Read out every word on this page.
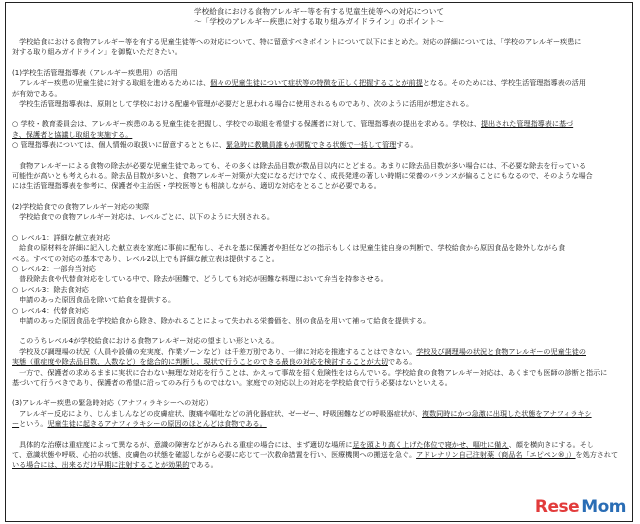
学校給食における食物アレルギー等を有する児童生徒等への対応について
～「学校のアレルギー疾患に対する取り組みガイドライン」のポイント～

　学校給食における食物アレルギー等を有する児童生徒等への対応について、特に留意すべきポイントについて以下にまとめた。対応の詳細については、「学校のアレルギー疾患に
対する取り組みガイドライン」を御覧いただきたい。

(1)学校生活管理指導表（アレルギー疾患用）の活用

　アレルギー疾患の児童生徒に対する取組を進めるためには、個々の児童生徒について症状等の特徴を正しく把握することが前提となる。そのためには、学校生活管理指導表の活用
が有効である。
　学校生活管理指導表は、原則として学校における配慮や管理が必要だと思われる場合に使用されるものであり、次のように活用が想定される。

○ 学校・教育委員会は、アレルギー疾患のある児童生徒を把握し、学校での取組を希望する保護者に対して、管理指導表の提出を求める。学校は、提出された管理指導表に基づ
き、保護者と協議し取組を実施する。
○ 管理指導表については、個人情報の取扱いに留意するとともに、緊急時に教職員誰もが閲覧できる状態で一括して管理する。

　食物アレルギーによる食物の除去が必要な児童生徒であっても、その多くは除去品目数が数品目以内にとどまる。あまりに除去品目数が多い場合には、不必要な除去を行っている
可能性が高いとも考えられる。除去品目数が多いと、食物アレルギー対策が大変になるだけでなく、成長発達の著しい時期に栄養のバランスが偏ることにもなるので、そのような場合
には生活管理指導表を参考に、保護者や主治医・学校医等とも相談しながら、適切な対応をとることが必要である。

(2)学校給食での食物アレルギー対応の実際

　学校給食での食物アレルギー対応は、レベルごとに、以下のように大別される。

○ レベル1：詳細な献立表対応
　給食の原材料を詳細に記入した献立表を家庭に事前に配布し、それを基に保護者や担任などの指示もしくは児童生徒自身の判断で、学校給食から原因食品を除外しながら食
べる。すべての対応の基本であり、レベル2以上でも詳細な献立表は提供すること。
○ レベル2：一部弁当対応
　普段除去食や代替食対応をしている中で、除去が困難で、どうしても対応が困難な料理において弁当を持参させる。
○ レベル3：除去食対応
　申請のあった原因食品を除いて給食を提供する。
○ レベル4：代替食対応
　申請のあった原因食品を学校給食から除き、除かれることによって失われる栄養価を、別の食品を用いて補って給食を提供する。

　このうちレベル4が学校給食における食物アレルギー対応の望ましい形といえる。
　学校及び調理場の状況（人員や設備の充実度、作業ゾーンなど）は千差万別であり、一律に対応を推進することはできない。学校及び調理場の状況と食物アレルギーの児童生徒の
実態（重症度や除去品目数、人数など）を総合的に判断し、現状で行うことのできる最良の対応を検討することが大切である。
　一方で、保護者の求めるままに実状に合わない無理な対応を行うことは、かえって事故を招く危険性をはらんでいる。学校給食の食物アレルギー対応は、あくまでも医師の診断と指示に
基づいて行うべきであり、保護者の希望に沿ってのみ行うものではない。家庭での対応以上の対応を学校給食で行う必要はないといえる。

(3)アレルギー疾患の緊急時対応（アナフィラキシーへの対応）

　アレルギー反応により、じんましんなどの皮膚症状、腹痛や嘔吐などの消化器症状、ゼーゼー、呼吸困難などの呼吸器症状が、複数同時にかつ急激に出現した状態をアナフィラキシ
ーという。児童生徒に起きるアナフィラキシーの原因のほとんどは食物である。

　具体的な治療は重症度によって異なるが、意識の障害などがみられる重症の場合には、まず適切な場所に足を頭より高く上げた体位で寝かせ、嘔吐に備え、顔を横向きにする。そし
て、意識状態や呼吸、心拍の状態、皮膚色の状態を確認しながら必要に応じて一次救命措置を行い、医療機関への搬送を急ぐ。アドレナリン自己注射薬（商品名「エピペン®」）を処方されて
いる場合には、出来るだけ早期に注射することが効果的である。

Rese Mom
